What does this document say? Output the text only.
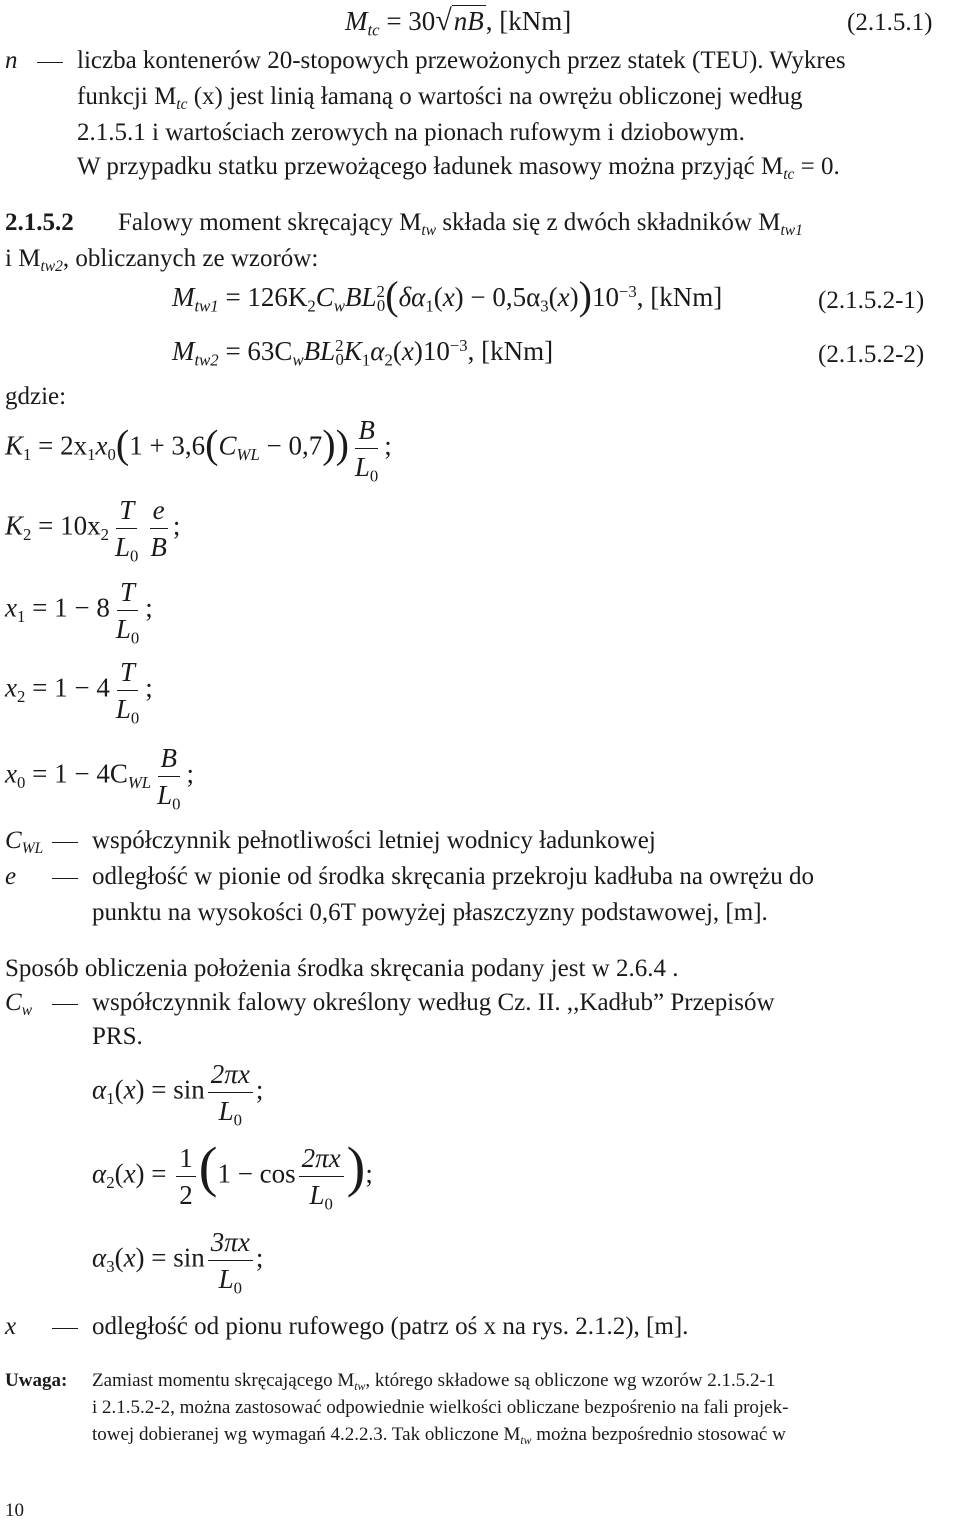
$M_{tc} = 30√nB$, [kNm]	(2.1.5.1)
n liczba kontenerów 20-stopowych przewożonych przez statek (TEU). Wykres
funkcji $M_{tc}$ (x) jest linią łamaną o wartości na owrężu obliczonej według
2.1.5.1 i wartościach zerowych na pionach rufowym i dziobowym.
W przypadku statku przewożącego ładunek masowy można przyjąć $M_{tc} = 0$.
2.1.5.2 Falowy moment skręcający $M_{tw}$ składa się z dwóch składników $M_{tw1}$
i $M_{tw2}$, obliczanych ze wzorów:
$M_{tw1} = 126K_2C_wBL^2_0(\delta\alpha_1(x) - 0,5\alpha_3(x))10^{-3}$, [kNm]	(2.1.5.2-1)
$M_{tw2} = 63C_wBL^2_0K_1\alpha_2(x)10^{-3}$, [kNm]	(2.1.5.2-2)
gdzie:
$K_1 = 2x_1x_0(1 + 3,6(C_{WL} - 0,7)) \frac{B}{L_0}$ ;
$K_2 = 10x_2 \frac{T}{L_0} \frac{e}{B}$ ;
$x_1 = 1 - 8 \frac{T}{L_0}$ ;
$x_2 = 1 - 4 \frac{T}{L_0}$ ;
$x_0 = 1 - 4C_{WL} \frac{B}{L_0}$ ;
$C_{WL}$ współczynnik pełnotliwości letniej wodnicy ładunkowej
e	odległość w pionie od środka skręcania przekroju kadłuba na owrężu do
punktu na wysokości 0,6T powyżej płaszczyzny podstawowej, [m].
Sposób obliczenia położenia środka skręcania podany jest w 2.6.4 .
$C_w$ współczynnik falowy określony według Cz. II. ,,Kadłub” Przepisów
PRS.
$\alpha_1(x) = \sin \frac{2\pi x}{L_0}$ ;
$\alpha_2(x) = \frac{1}{2} (1 - \cos \frac{2\pi x}{L_0}$ );
$\alpha_3(x) = \sin \frac{3\pi x}{L_0}$ ;
x	odległość od pionu rufowego (patrz oś x na rys. 2.1.2), [m].
Uwaga: Zamiast momentu skręcającego $M_{tw}$, którego składowe są obliczone wg wzorów 2.1.5.2-1
i 2.1.5.2-2, można zastosować odpowiednie wielkości obliczane bezpośrenio na fali projek-
towej dobieranej wg wymagań 4.2.2.3. Tak obliczone $M_{tw}$ można bezpośrednio stosować w
10
